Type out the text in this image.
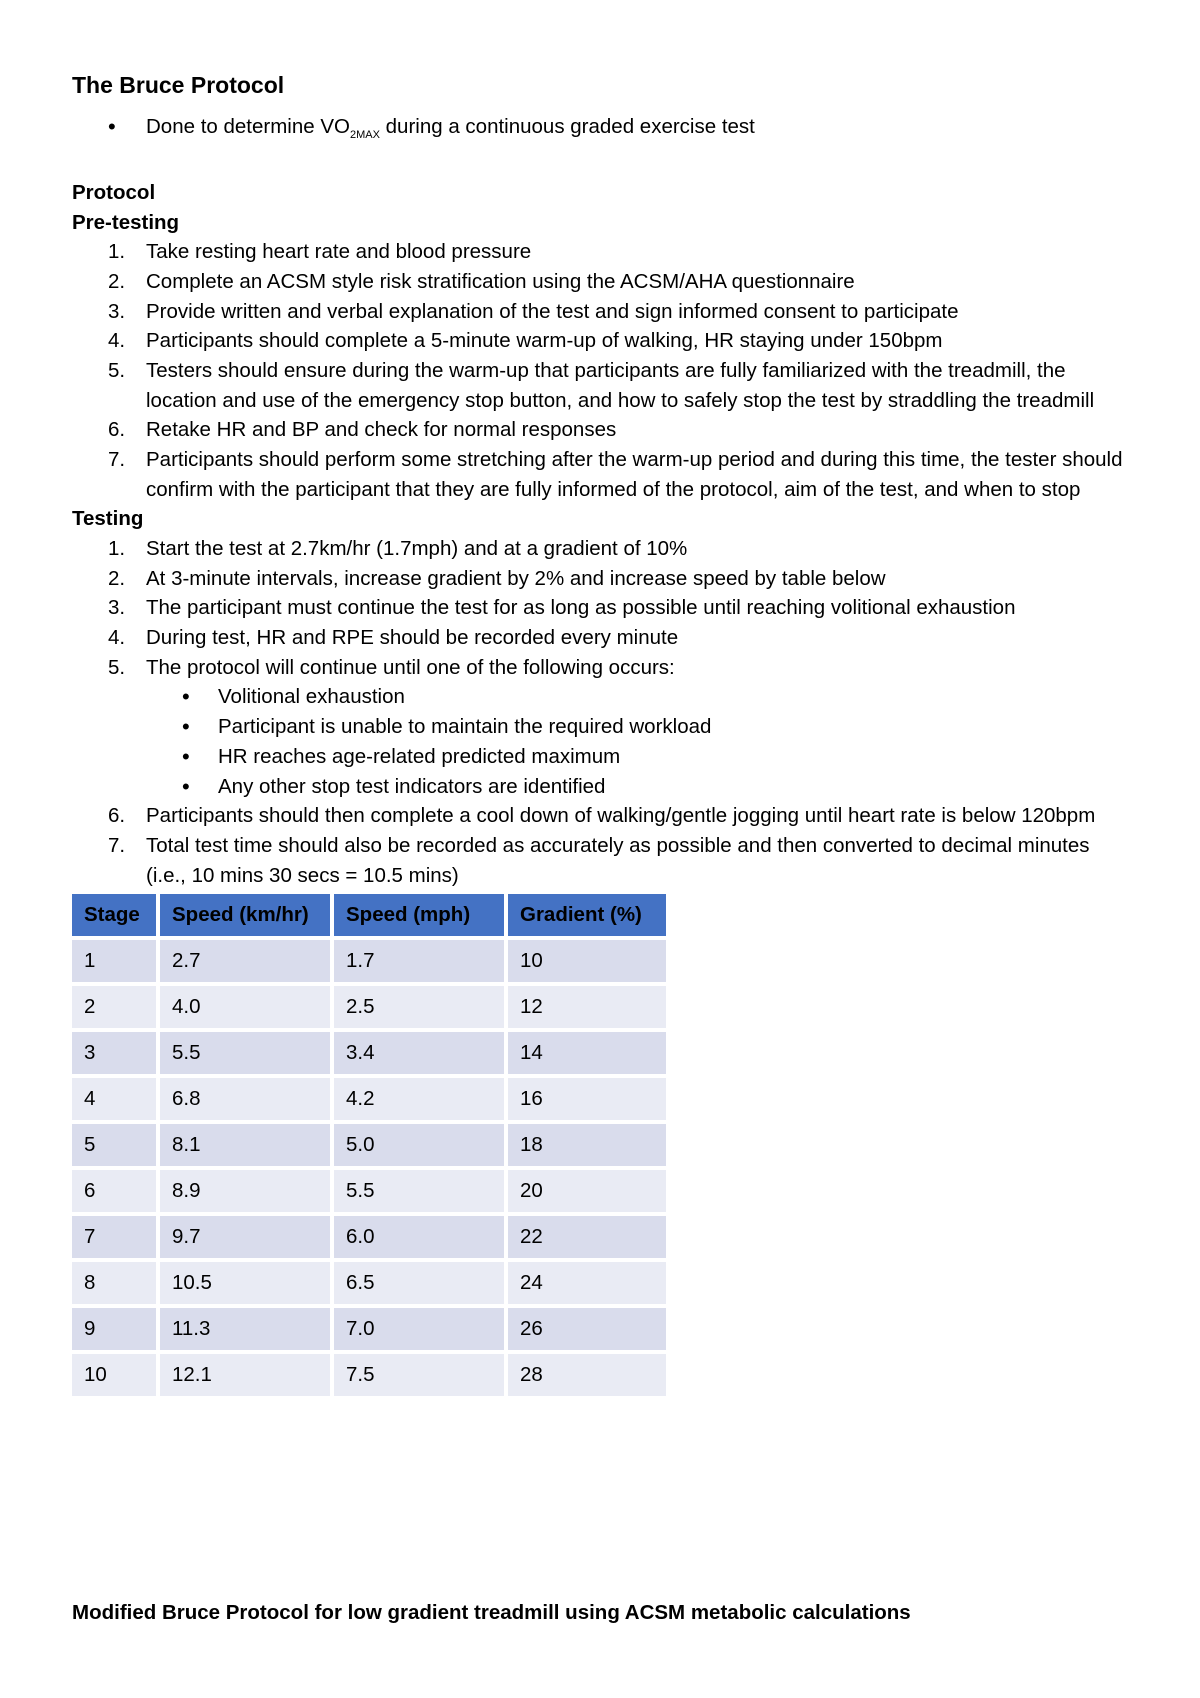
The Bruce Protocol
• Done to determine $VO_{2MAX}$ during a continuous graded exercise test

Protocol

Pre-testing

1.	Take resting heart rate and blood pressure
2.	Complete an ACSM style risk stratification using the ACSM/AHA questionnaire
3.	Provide written and verbal explanation of the test and sign informed consent to participate
4.	Participants should complete a 5-minute warm-up of walking, HR staying under 150bpm
5.	Testers should ensure during the warm-up that participants are fully familiarized with the treadmill, the location and use of the emergency stop button, and how to safely stop the test by straddling the treadmill
6.	Retake HR and BP and check for normal responses
7.	Participants should perform some stretching after the warm-up period and during this time, the tester should confirm with the participant that they are fully informed of the protocol, aim of the test, and when to stop

Testing

1.	Start the test at 2.7km/hr (1.7mph) and at a gradient of 10%
2.	At 3-minute intervals, increase gradient by 2% and increase speed by table below
3.	The participant must continue the test for as long as possible until reaching volitional exhaustion
4.	During test, HR and RPE should be recorded every minute
5.	The protocol will continue until one of the following occurs:
• Volitional exhaustion
• Participant is unable to maintain the required workload
• HR reaches age-related predicted maximum
• Any other stop test indicators are identified
6.	Participants should then complete a cool down of walking/gentle jogging until heart rate is below 120bpm
7.	Total test time should also be recorded as accurately as possible and then converted to decimal minutes (i.e., 10 mins 30 secs = 10.5 mins)
Stage	Speed (km/hr)	Speed (mph)	Gradient (%)
1	2.7	1.7	10
2	4.0	2.5	12
3	5.5	3.4	14
4	6.8	4.2	16
5	8.1	5.0	18
6	8.9	5.5	20
7	9.7	6.0	22
8	10.5	6.5	24
9	11.3	7.0	26
10	12.1	7.5	28

Modified Bruce Protocol for low gradient treadmill using ACSM metabolic calculations
